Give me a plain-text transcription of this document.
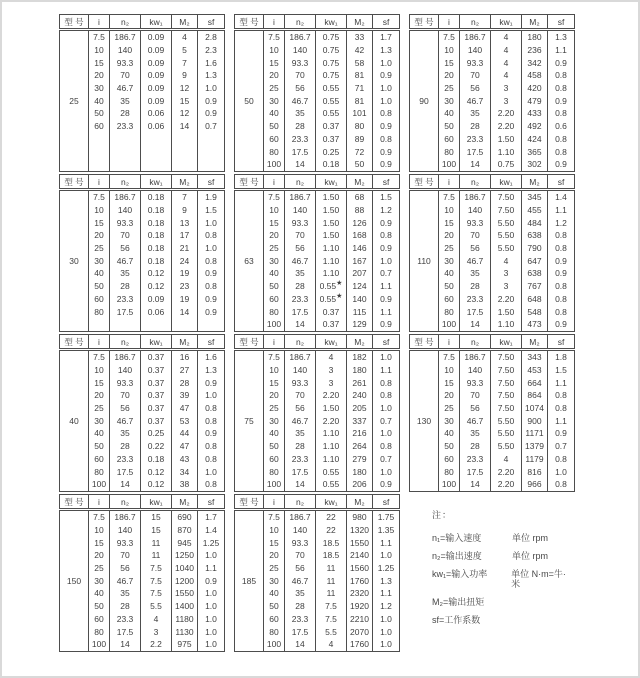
型 号	i	n₂	kw₁	M₂	sf
25	7.5	186.7	0.09	4	2.8
	10	140	0.09	5	2.3
	15	93.3	0.09	7	1.6
	20	70	0.09	9	1.3
	30	46.7	0.09	12	1.0
	40	35	0.09	15	0.9
	50	28	0.06	12	0.9
	60	23.3	0.06	14	0.7

型 号	i	n₂	kw₁	M₂	sf
50	7.5	186.7	0.75	33	1.7
	10	140	0.75	42	1.3
	15	93.3	0.75	58	1.0
	20	70	0.75	81	0.9
	25	56	0.55	71	1.0
	30	46.7	0.55	81	1.0
	40	35	0.55	101	0.8
	50	28	0.37	80	0.9
	60	23.3	0.37	89	0.8
	80	17.5	0.25	72	0.9
	100	14	0.18	50	0.9
型 号	i	n₂	kw₁	M₂	sf
90	7.5	186.7	4	180	1.3
	10	140	4	236	1.1
	15	93.3	4	342	0.9
	20	70	4	458	0.8
	25	56	3	420	0.8
	30	46.7	3	479	0.9
	40	35	2.20	433	0.8
	50	28	2.20	492	0.6
	60	23.3	1.50	424	0.8
	80	17.5	1.10	365	0.8
	100	14	0.75	302	0.9
型 号	i	n₂	kw₁	M₂	sf
30	7.5	186.7	0.18	7	1.9
	10	140	0.18	9	1.5
	15	93.3	0.18	13	1.0
	20	70	0.18	17	0.8
	25	56	0.18	21	1.0
	30	46.7	0.18	24	0.8
	40	35	0.12	19	0.9
	50	28	0.12	23	0.8
	60	23.3	0.09	19	0.9
	80	17.5	0.06	14	0.9

型 号	i	n₂	kw₁	M₂	sf
63	7.5	186.7	1.50	68	1.5
	10	140	1.50	88	1.2
	15	93.3	1.50	126	0.9
	20	70	1.50	168	0.8
	25	56	1.10	146	0.9
	30	46.7	1.10	167	1.0
	40	35	1.10	207	0.7
	50	28	0.55★	124	1.1
	60	23.3	0.55★	140	0.9
	80	17.5	0.37	115	1.1
	100	14	0.37	129	0.9
型 号	i	n₂	kw₁	M₂	sf
110	7.5	186.7	7.50	345	1.4
	10	140	7.50	455	1.1
	15	93.3	5.50	484	1.2
	20	70	5.50	638	0.8
	25	56	5.50	790	0.8
	30	46.7	4	647	0.9
	40	35	3	638	0.9
	50	28	3	767	0.8
	60	23.3	2.20	648	0.8
	80	17.5	1.50	548	0.8
	100	14	1.10	473	0.9
型 号	i	n₂	kw₁	M₂	sf
40	7.5	186.7	0.37	16	1.6
	10	140	0.37	27	1.3
	15	93.3	0.37	28	0.9
	20	70	0.37	39	1.0
	25	56	0.37	47	0.8
	30	46.7	0.37	53	0.8
	40	35	0.25	44	0.9
	50	28	0.22	47	0.8
	60	23.3	0.18	43	0.8
	80	17.5	0.12	34	1.0
	100	14	0.12	38	0.8
型 号	i	n₂	kw₁	M₂	sf
75	7.5	186.7	4	182	1.0
	10	140	3	180	1.1
	15	93.3	3	261	0.8
	20	70	2.20	240	0.8
	25	56	1.50	205	1.0
	30	46.7	2.20	337	0.7
	40	35	1.10	216	1.0
	50	28	1.10	264	0.8
	60	23.3	1.10	279	0.7
	80	17.5	0.55	180	1.0
	100	14	0.55	206	0.9
型 号	i	n₂	kw₁	M₂	sf
130	7.5	186.7	7.50	343	1.8
	10	140	7.50	453	1.5
	15	93.3	7.50	664	1.1
	20	70	7.50	864	0.8
	25	56	7.50	1074	0.8
	30	46.7	5.50	900	1.1
	40	35	5.50	1171	0.9
	50	28	5.50	1379	0.7
	60	23.3	4	1179	0.8
	80	17.5	2.20	816	1.0
	100	14	2.20	966	0.8
型 号	i	n₂	kw₁	M₂	sf
150	7.5	186.7	15	690	1.7
	10	140	15	870	1.4
	15	93.3	11	945	1.25
	20	70	11	1250	1.0
	25	56	7.5	1040	1.1
	30	46.7	7.5	1200	0.9
	40	35	7.5	1550	1.0
	50	28	5.5	1400	1.0
	60	23.3	4	1180	1.0
	80	17.5	3	1130	1.0
	100	14	2.2	975	1.0
型 号	i	n₂	kw₁	M₂	sf
185	7.5	186.7	22	980	1.75
	10	140	22	1320	1.35
	15	93.3	18.5	1550	1.1
	20	70	18.5	2140	1.0
	25	56	11	1560	1.25
	30	46.7	11	1760	1.3
	40	35	11	2320	1.1
	50	28	7.5	1920	1.2
	60	23.3	7.5	2210	1.0
	80	17.5	5.5	2070	1.0
	100	14	4	1760	1.0
注：
n₁=输入速度	单位 rpm
n₂=输出速度	单位 rpm
kw₁=输入功率	单位 N·m=牛·米
M₂=输出扭矩
sf=工作系数
